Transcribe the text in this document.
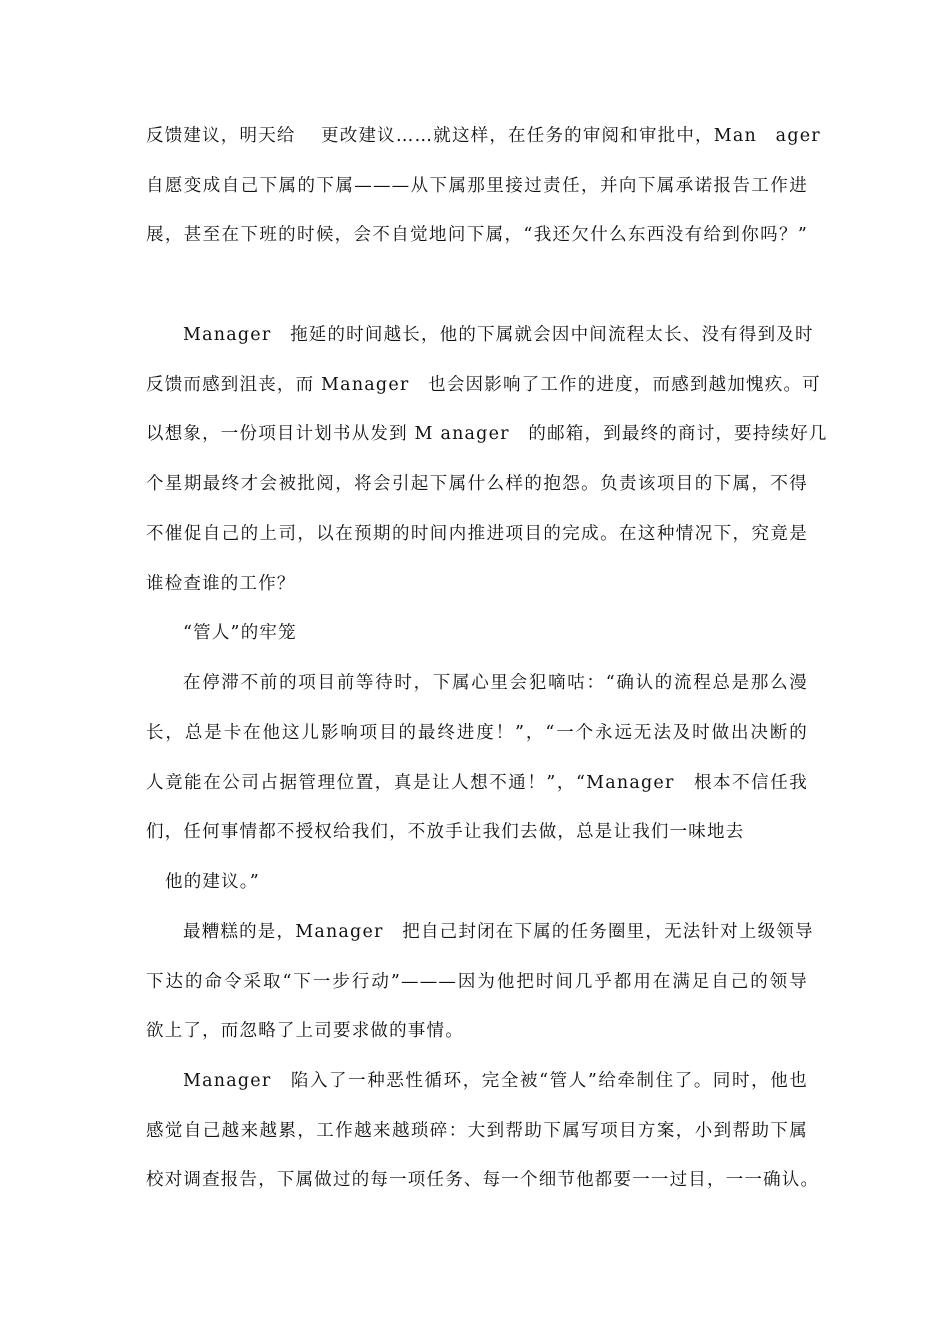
反馈建议，明天给　 更改建议……就这样，在任务的审阅和审批中，Man　ager
自愿变成自己下属的下属———从下属那里接过责任，并向下属承诺报告工作进
展，甚至在下班的时候，会不自觉地问下属，“我还欠什么东西没有给到你吗？”
Manager　拖延的时间越长，他的下属就会因中间流程太长、没有得到及时
反馈而感到沮丧，而 Manager　也会因影响了工作的进度，而感到越加愧疚。可
以想象，一份项目计划书从发到 M anager　的邮箱，到最终的商讨，要持续好几
个星期最终才会被批阅，将会引起下属什么样的抱怨。负责该项目的下属，不得
不催促自己的上司，以在预期的时间内推进项目的完成。在这种情况下，究竟是
谁检查谁的工作？
“管人”的牢笼
在停滞不前的项目前等待时，下属心里会犯嘀咕：“确认的流程总是那么漫
长，总是卡在他这儿影响项目的最终进度！”，“一个永远无法及时做出决断的
人竟能在公司占据管理位置，真是让人想不通！”，“Manager　根本不信任我
们，任何事情都不授权给我们，不放手让我们去做，总是让我们一味地去
他的建议。”
最糟糕的是，Manager　把自己封闭在下属的任务圈里，无法针对上级领导
下达的命令采取“下一步行动”———因为他把时间几乎都用在满足自己的领导
欲上了，而忽略了上司要求做的事情。
Manager　陷入了一种恶性循环，完全被“管人”给牵制住了。同时，他也
感觉自己越来越累，工作越来越琐碎：大到帮助下属写项目方案，小到帮助下属
校对调查报告，下属做过的每一项任务、每一个细节他都要一一过目，一一确认。
